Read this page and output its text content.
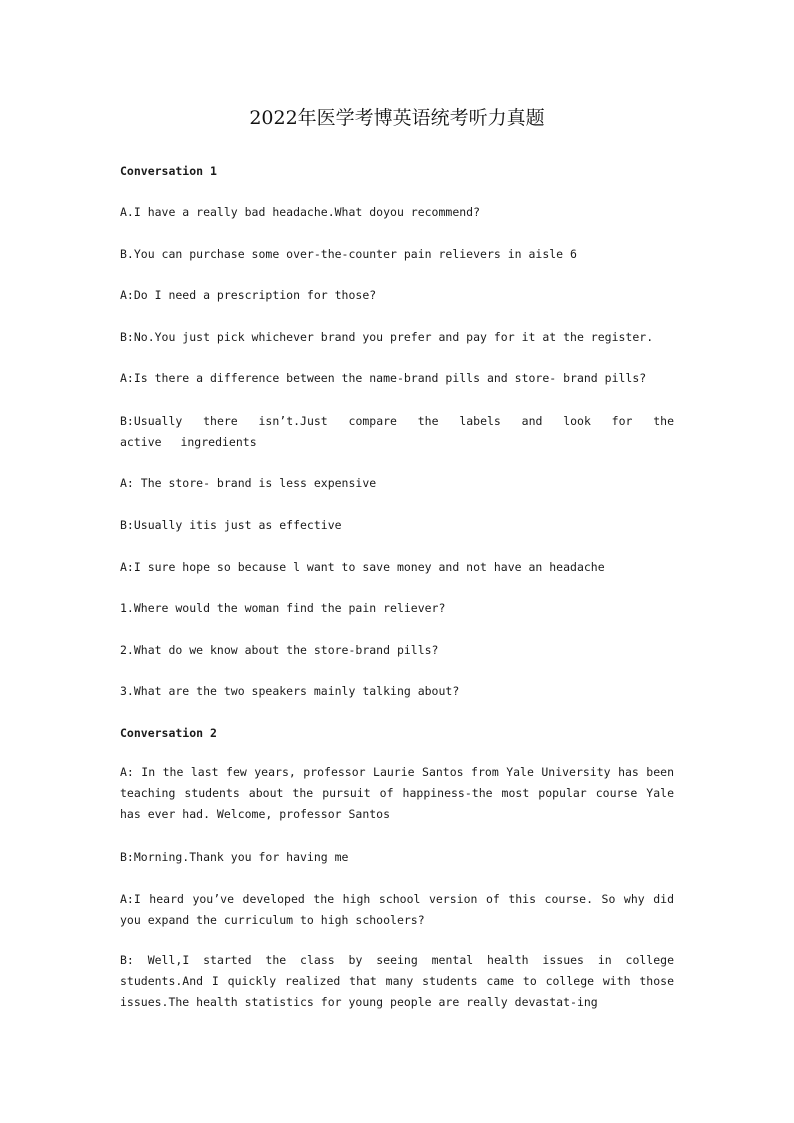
2022年医学考博英语统考听力真题
Conversation 1
A.I have a really bad headache.What doyou recommend?
B.You can purchase some over-the-counter pain relievers in aisle 6
A:Do I need a prescription for those?
B:No.You just pick whichever brand you prefer and pay for it at the register.
A:Is there a difference between the name-brand pills and store- brand pills?
B:Usually there isn’t.Just compare the labels and look for the active ingredients
A: The store- brand is less expensive
B:Usually itis just as effective
A:I sure hope so because l want to save money and not have an headache
1.Where would the woman find the pain reliever?
2.What do we know about the store-brand pills?
3.What are the two speakers mainly talking about?
Conversation 2
A: In the last few years, professor Laurie Santos from Yale University has been teaching students about the pursuit of happiness-the most popular course Yale has ever had. Welcome, professor Santos
B:Morning.Thank you for having me
A:I heard you’ve developed the high school version of this course. So why did you expand the curriculum to high schoolers?
B: Well,I started the class by seeing mental health issues in college students.And I quickly realized that many students came to college with those issues.The health statistics for young people are really devastat-ing
